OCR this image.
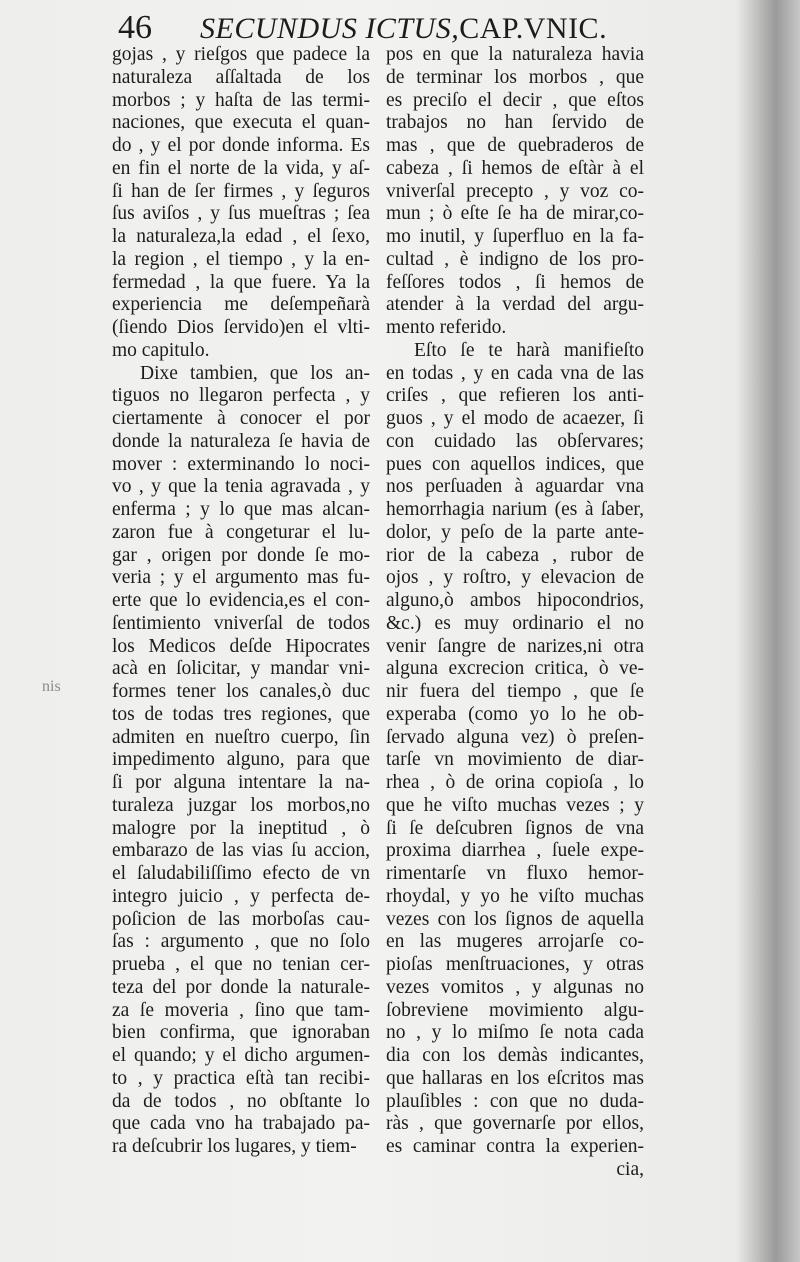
46 SECUNDUS ICTUS,CAP.VNIC.
gojas , y rieſgos que padece la
naturaleza aſſaltada de los
morbos ; y haſta de las termi-
naciones, que executa el quan-
do , y el por donde informa. Es
en fin el norte de la vida, y aſ-
ſi han de ſer firmes , y ſeguros
ſus aviſos , y ſus mueſtras ; ſea
la naturaleza,la edad , el ſexo,
la region , el tiempo , y la en-
fermedad , la que fuere. Ya la
experiencia me deſempeñarà
(ſiendo Dios ſervido)en el vlti-
mo capitulo.
Dixe tambien, que los an-
tiguos no llegaron perfecta , y
ciertamente à conocer el por
donde la naturaleza ſe havia de
mover : exterminando lo noci-
vo , y que la tenia agravada , y
enferma ; y lo que mas alcan-
zaron fue à congeturar el lu-
gar , origen por donde ſe mo-
veria ; y el argumento mas fu-
erte que lo evidencia,es el con-
ſentimiento vniverſal de todos
los Medicos deſde Hipocrates
acà en ſolicitar, y mandar vni-
formes tener los canales,ò duc
tos de todas tres regiones, que
admiten en nueſtro cuerpo, ſin
impedimento alguno, para que
ſi por alguna intentare la na-
turaleza juzgar los morbos,no
malogre por la ineptitud , ò
embarazo de las vias ſu accion,
el ſaludabiliſſimo efecto de vn
integro juicio , y perfecta de-
poſicion de las morboſas cau-
ſas : argumento , que no ſolo
prueba , el que no tenian cer-
teza del por donde la naturale-
za ſe moveria , ſino que tam-
bien confirma, que ignoraban
el quando; y el dicho argumen-
to , y practica eſtà tan recibi-
da de todos , no obſtante lo
que cada vno ha trabajado pa-
ra deſcubrir los lugares, y tiem-
pos en que la naturaleza havia
de terminar los morbos , que
es preciſo el decir , que eſtos
trabajos no han ſervido de
mas , que de quebraderos de
cabeza , ſi hemos de eſtàr à el
vniverſal precepto , y voz co-
mun ; ò eſte ſe ha de mirar,co-
mo inutil, y ſuperfluo en la fa-
cultad , è indigno de los pro-
feſſores todos , ſi hemos de
atender à la verdad del argu-
mento referido.
Eſto ſe te harà manifieſto
en todas , y en cada vna de las
criſes , que refieren los anti-
guos , y el modo de acaezer, ſi
con cuidado las obſervares;
pues con aquellos indices, que
nos perſuaden à aguardar vna
hemorrhagia narium (es à ſaber,
dolor, y peſo de la parte ante-
rior de la cabeza , rubor de
ojos , y roſtro, y elevacion de
alguno,ò ambos hipocondrios,
&c.) es muy ordinario el no
venir ſangre de narizes,ni otra
alguna excrecion critica, ò ve-
nir fuera del tiempo , que ſe
experaba (como yo lo he ob-
ſervado alguna vez) ò preſen-
tarſe vn movimiento de diar-
rhea , ò de orina copioſa , lo
que he viſto muchas vezes ; y
ſi ſe deſcubren ſignos de vna
proxima diarrhea , ſuele expe-
rimentarſe vn fluxo hemor-
rhoydal, y yo he viſto muchas
vezes con los ſignos de aquella
en las mugeres arrojarſe co-
pioſas menſtruaciones, y otras
vezes vomitos , y algunas no
ſobreviene movimiento algu-
no , y lo miſmo ſe nota cada
dia con los demàs indicantes,
que hallaras en los eſcritos mas
plauſibles : con que no duda-
ràs , que governarſe por ellos,
es caminar contra la experien-
cia,
nis
